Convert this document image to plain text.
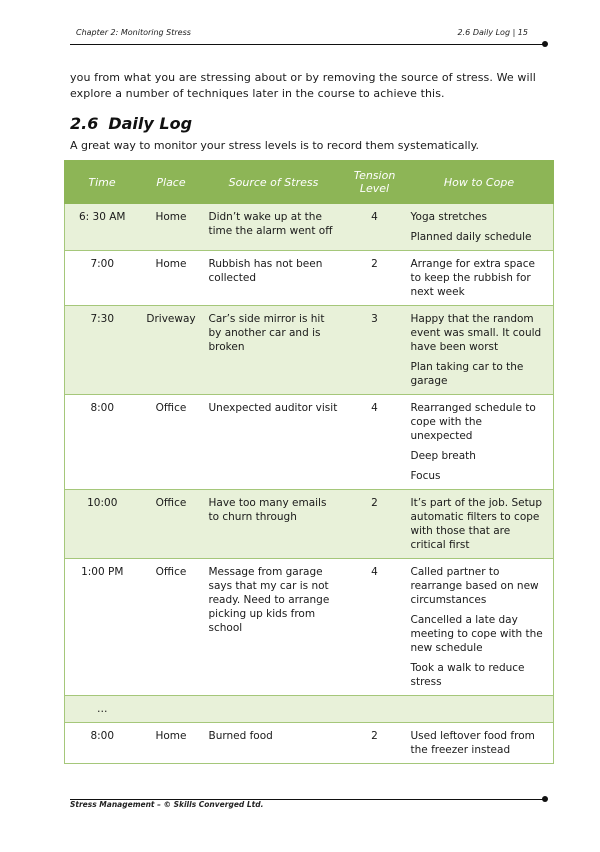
Chapter 2: Monitoring Stress	2.6 Daily Log | 15
you from what you are stressing about or by removing the source of stress. We will explore a number of techniques later in the course to achieve this.
2.6 Daily Log
A great way to monitor your stress levels is to record them systematically.
Time	Place	Source of Stress	Tension Level	How to Cope
6: 30 AM	Home	Didn’t wake up at the time the alarm went off	4	Yoga stretches
Planned daily schedule

7:00	Home	Rubbish has not been collected	2	Arrange for extra space to keep the rubbish for next week

7:30	Driveway	Car’s side mirror is hit by another car and is broken	3	Happy that the random event was small. It could have been worst
Plan taking car to the garage

8:00	Office	Unexpected auditor visit	4	Rearranged schedule to cope with the unexpected
Deep breath
Focus

10:00	Office	Have too many emails to churn through	2	It’s part of the job. Setup automatic filters to cope with those that are critical first

1:00 PM	Office	Message from garage says that my car is not ready. Need to arrange picking up kids from school	4	Called partner to rearrange based on new circumstances
Cancelled a late day meeting to cope with the new schedule
Took a walk to reduce stress

…				
8:00	Home	Burned food	2	Used leftover food from the freezer instead
Stress Management – © Skills Converged Ltd.
